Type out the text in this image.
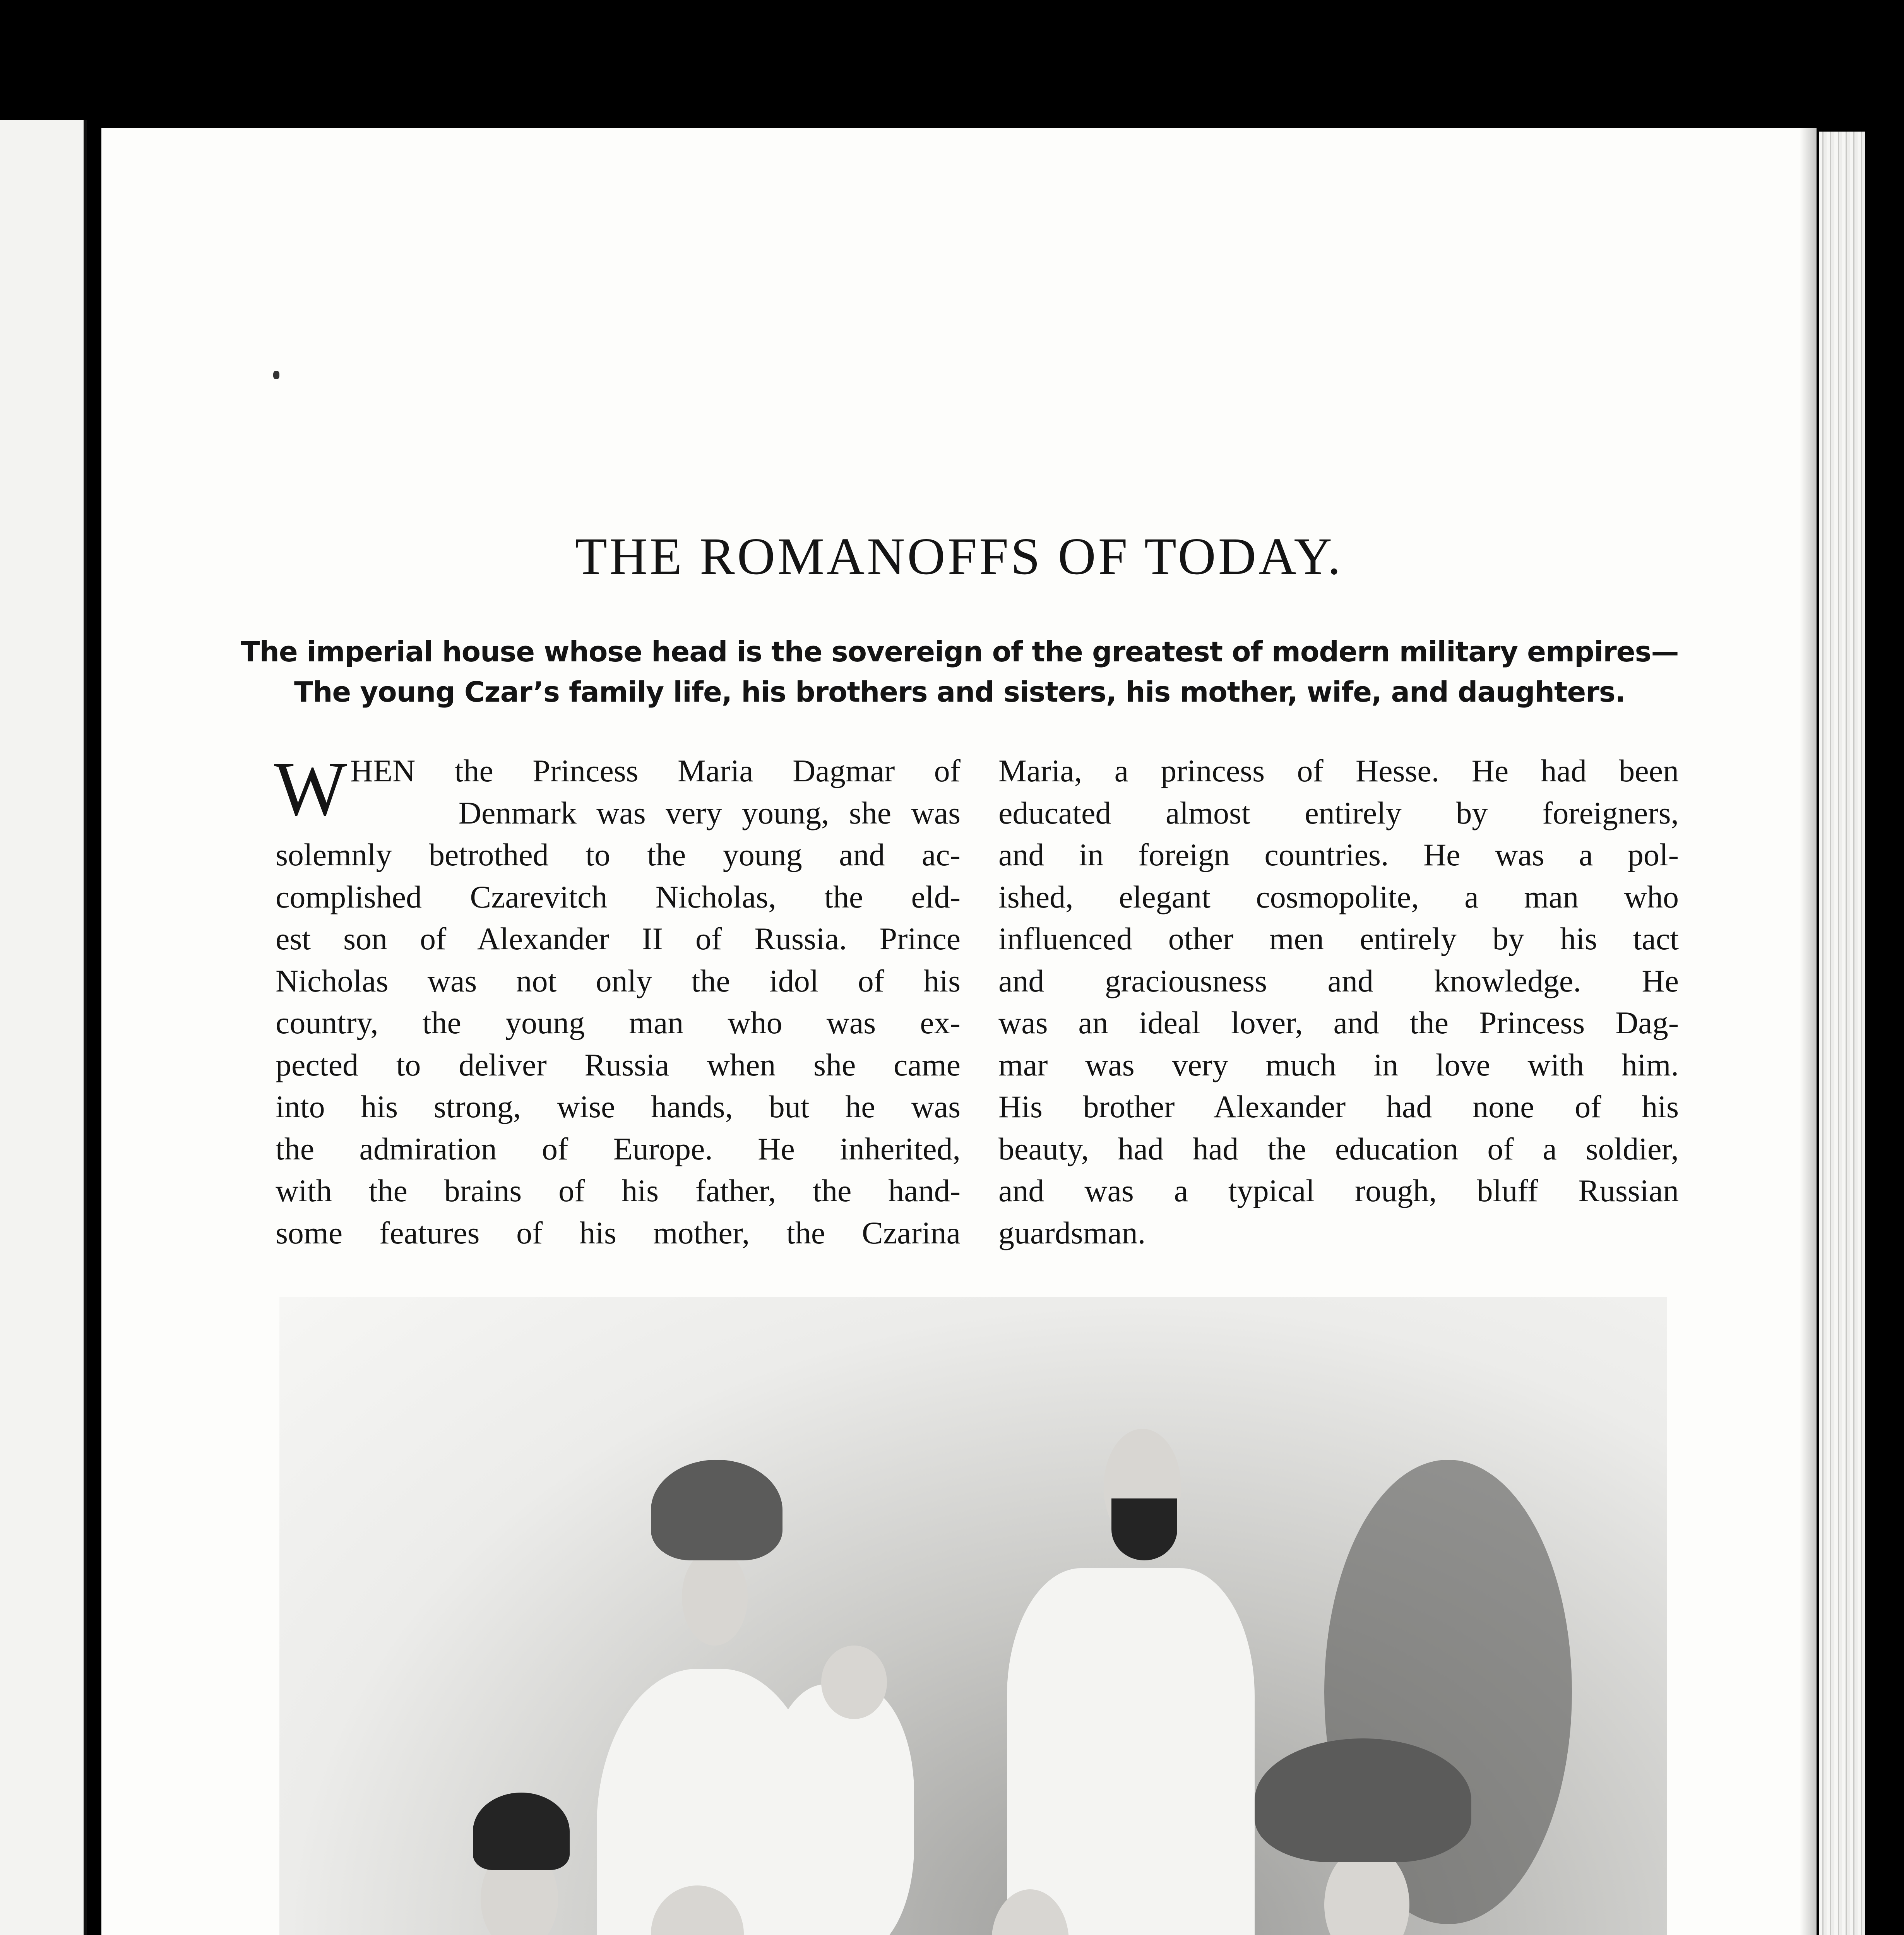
THE ROMANOFFS OF TODAY.
The imperial house whose head is the sovereign of the greatest of modern military empires—
The young Czar’s family life, his brothers and sisters, his mother, wife, and daughters.
W HEN the Princess Maria Dagmar of
Denmark was very young, she was
solemnly betrothed to the young and ac-
complished Czarevitch Nicholas, the eld-
est son of Alexander II of Russia. Prince
Nicholas was not only the idol of his
country, the young man who was ex-
pected to deliver Russia when she came
into his strong, wise hands, but he was
the admiration of Europe. He inherited,
with the brains of his father, the hand-
some features of his mother, the Czarina
Maria, a princess of Hesse. He had been
educated almost entirely by foreigners,
and in foreign countries. He was a pol-
ished, elegant cosmopolite, a man who
influenced other men entirely by his tact
and graciousness and knowledge. He
was an ideal lover, and the Princess Dag-
mar was very much in love with him.
His brother Alexander had none of his
beauty, had had the education of a soldier,
and was a typical rough, bluff Russian
guardsman.
